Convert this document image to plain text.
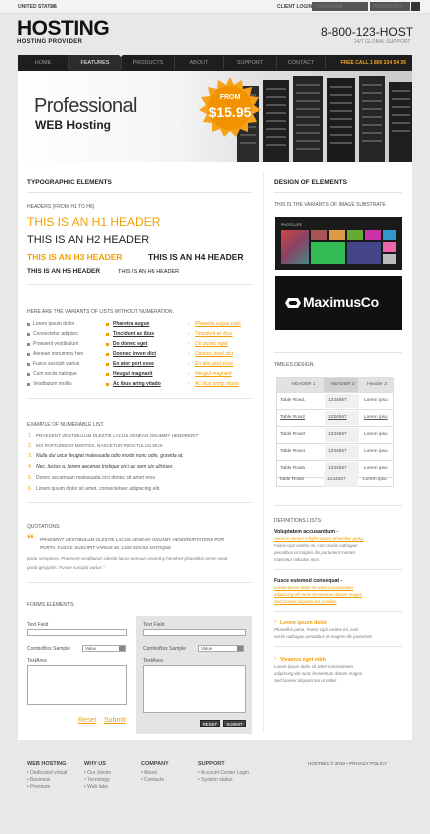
UNITED STATES	CLIENT LOGIN
USERNAME
PASSWORD
HOSTING
HOSTING PROVIDER
8-800-123-HOST
24/7 GLOBAL SUPPORT
HOME	FEATURES	PRODUCTS	ABOUT	SUPPORT	CONTACT	FREE CALL 1 800 234 54 36
Professional
WEB Hosting
FROM
$15.95
TYPOGRAPHIC ELEMENTS
HEADERS (FROM H1 TO H6)
THIS IS AN H1 HEADER
THIS IS AN H2 HEADER
THIS IS AN H3 HEADER	THIS IS AN H4 HEADER
THIS IS AN H5 HEADER	THIS IS AN H6 HEADER
HERE ARE THE VARIANTS OF LISTS WITHOUT NUMERATION.
Lorem ipsum dolor
Consectetur adipisic
Praesent vestibulum
Aenean nonummy hen
Fusce suscipit varius
Cum sociis natoque
Vestibulum mollis
Pharetra augue
Tincidunt ac ibus
Do donec eget
Doonec inven dict
En ator port esse
Heugul magnarit
Ac ibus aring vitado
› Pharetra augue colis
› Tincidunt ac ibus
› Do donec eget
› Doonec invel dict
› En ator port esse
› Heugul magnarit
› Ac ibus aring vitado
EXAMPLE OF NUMERABLE LIST.
1. PRAESENT VESTIBULUM DLESTIE LACUS AENEAN ONUMMY HENDRERIT
2. EIS PARTURIENT MONTES, NASCETUR RIDICTULUS MUS
3. Nulla dui usce feugiat malesuada odio morbi nunc odio, gravida at,
4. Nec, luctus a, lorem aecenas tristique orci ac sem uis ultricies
5. Donec accumsan malesuada orci donec sit amet eros
6. Lorem ipsum dolor sit amet, consectetuer adipiscing elit.
QUOTATIONS:
“ PRAESENT VESTIBULUM OLESTIE LACUS AENEAN ONUAMY HENDRERITATERS POR
PORTA. FUSCE SUSCIPIT VARIUS MI. CUM SOCIIS NATOQUE
portu sesquiren. Praesent vestibulum olestie lacus aenean onummy hendrert phasellus rerne meat
porta gergorits. Fusce suscipit varius "
FORMS ELEMENTS:
Text Field
ComboBox Sample	Value
TextArea
Reset Submit
Text Field
ComboBox Sample	Value
TextArea
RESET	SUBMIT
DESIGN OF ELEMENTS
THIS IS THE VARIANTS OF IMAGE SUBSTRATE
PHOTO-LIFE
MaximusCo
TABLES DESIGN:
HEADER 1	HEADER 2	Header 3
Table Row1	1234567	Lorem ipsu
Table Row2	1234567	Lorem ipsu
Table Row3	1234567	Lorem ipsu
Table Row4	1234567	Lorem ipsu
Table Row5	1234567	Lorem ipsu
Table Row6	1234567	Lorem ipsu
DEFINITIONS LISTS:
Voluptatem accusantium -
Aenean nonum mhght mauris phasellus porta.
Fusce cipit varites mi, cum sociis nathague
penatibus et magnis dis parturient montes
mascetur ridiculus mus.
Fusce euismod consequat -
Lorem ipsum dolor sit amet consectetuer
adipiscing elit nunc fermentum dictum magna
Sed laoreet aliquam leo ut tellus
› Lorem ipsum dolor
Phasellus porta. Fusce cipit varites mi, cum
sociis nathague penatibus et magnis dis parturient.
› Vivamus eget nibh
Lorem ipsum dolor sit amet consectetuer
adipiscing elit nunc fermentum dictum magna
Sed laoreet aliquam leo ut tellus
WEB HOSTING
• Dedicated virtual
• Business
• Premium
WHY US
• Our clients
• Tecnology
• Web labs
COMPANY
• About
• Contacts
SUPPORT
• Account Center Login
• System status
HOSTING © 2010 • PRIVACY POLICY
